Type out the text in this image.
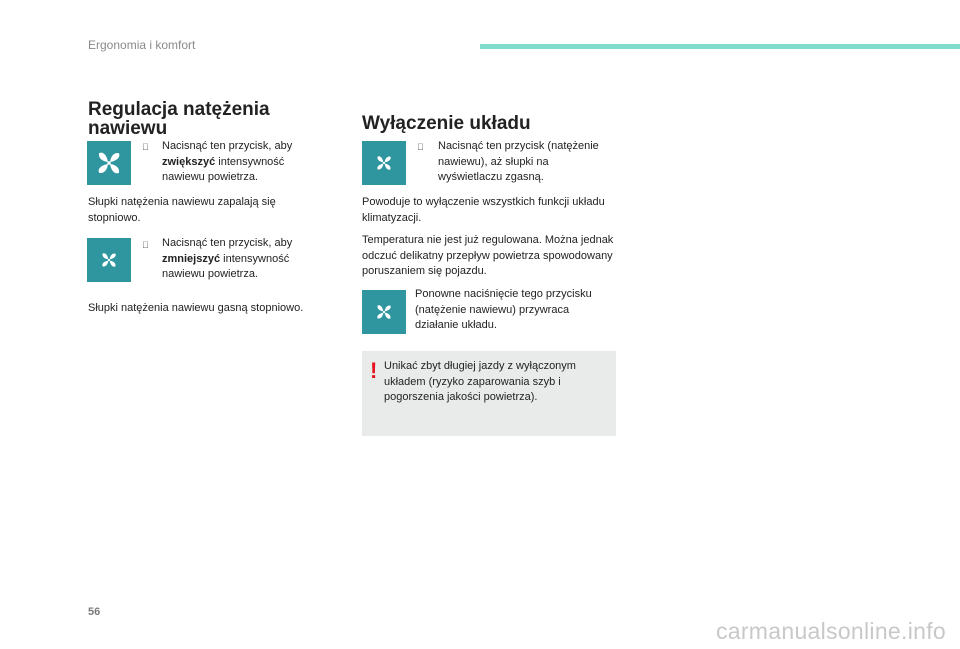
Ergonomia i komfort
Regulacja natężenia nawiewu
Nacisnąć ten przycisk, aby zwiększyć intensywność nawiewu powietrza.
Słupki natężenia nawiewu zapalają się stopniowo.
Nacisnąć ten przycisk, aby zmniejszyć intensywność nawiewu powietrza.
Słupki natężenia nawiewu gasną stopniowo.
Wyłączenie układu
Nacisnąć ten przycisk (natężenie nawiewu), aż słupki na wyświetlaczu zgasną.
Powoduje to wyłączenie wszystkich funkcji układu klimatyzacji.
Temperatura nie jest już regulowana. Można jednak odczuć delikatny przepływ powietrza spowodowany poruszaniem się pojazdu.
Ponowne naciśnięcie tego przycisku (natężenie nawiewu) przywraca działanie układu.
! Unikać zbyt długiej jazdy z wyłączonym układem (ryzyko zaparowania szyb i pogorszenia jakości powietrza).
56
carmanualsonline.info
